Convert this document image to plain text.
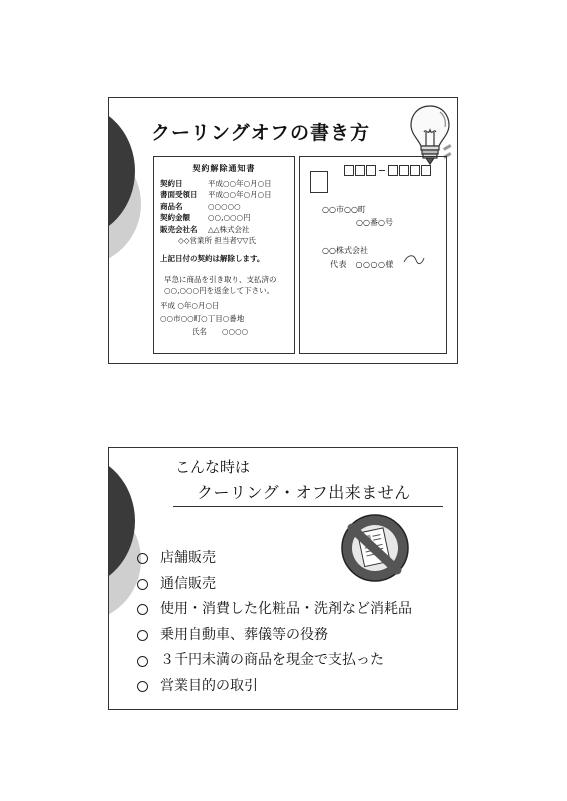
クーリングオフの書き方
契約解除通知書
契約日	平成○○年○月○日
書面受領日	平成○○年○月○日
商品名	○○○○○
契約金額	○○,○○○円
販売会社名	△△株式会社
◇◇営業所 担当者▽▽氏
上記日付の契約は解除します。
早急に商品を引き取り、支払済の
○○,○○○円を返金して下さい。
平成 ○年○月○日
○○市○○町○丁目○番地
氏名　　○○○○
○○市○○町
○○番○号
○○株式会社
代表　○○○○様
こんな時は
クーリング・オフ出来ません
店舗販売
通信販売
使用・消費した化粧品・洗剤など消耗品
乗用自動車、葬儀等の役務
３千円未満の商品を現金で支払った
営業目的の取引
